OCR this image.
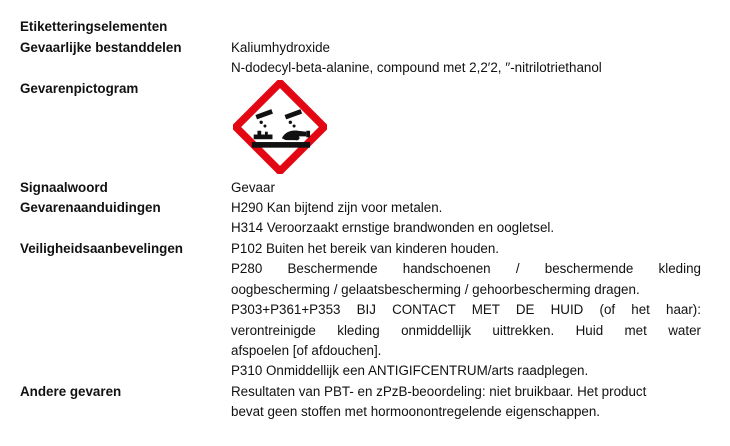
Etiketteringselementen
Gevaarlijke bestanddelen	Kaliumhydroxide
N-dodecyl-beta-alanine, compound met 2,2′2, ′′-nitrilotriethanol
Gevarenpictogram
Signaalwoord	Gevaar
Gevarenaanduidingen	H290 Kan bijtend zijn voor metalen.
H314 Veroorzaakt ernstige brandwonden en oogletsel.
Veiligheidsaanbevelingen	P102 Buiten het bereik van kinderen houden.
P280 Beschermende handschoenen / beschermende kleding
oogbescherming / gelaatsbescherming / gehoorbescherming dragen.
P303+P361+P353 BIJ CONTACT MET DE HUID (of het haar):
verontreinigde kleding onmiddellijk uittrekken. Huid met water
afspoelen [of afdouchen].
P310 Onmiddellijk een ANTIGIFCENTRUM/arts raadplegen.
Andere gevaren	Resultaten van PBT- en zPzB-beoordeling: niet bruikbaar. Het product
bevat geen stoffen met hormoonontregelende eigenschappen.
